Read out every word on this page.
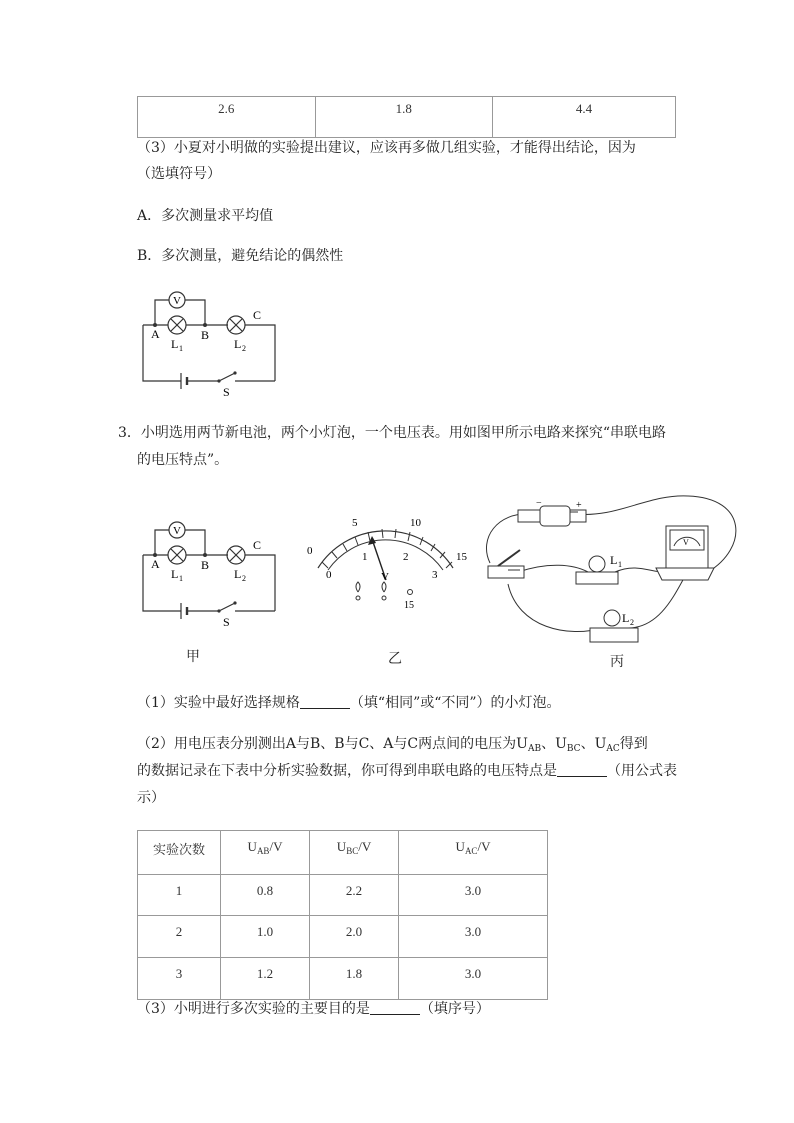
2.6	1.8	4.4
（3）小夏对小明做的实验提出建议，应该再多做几组实验，才能得出结论，因为
（选填符号）
A．多次测量求平均值
B．多次测量，避免结论的偶然性
V
A	B
C
L 1	L 2
S
3．小明选用两节新电池，两个小灯泡，一个电压表。用如图甲所示电路来探究“串联电路
的电压特点”。
V
A	B
C
L 1	L 2
S
甲
0
5	10
15
0
1	2
3
V
15
乙
−	+
V
L 1
L 2
丙
（1）实验中最好选择规格	（填“相同”或“不同”）的小灯泡。
（2）用电压表分别测出A与B、B与C、A与C两点间的电压为$U_{AB}$、$U_{BC}$、$U_{AC}$得到
的数据记录在下表中分析实验数据，你可得到串联电路的电压特点是	（用公式表
示）
实验次数	$U_{AB}/V$	$U_{BC}/V$	$U_{AC}/V$
1	0.8	2.2	3.0
2	1.0	2.0	3.0
3	1.2	1.8	3.0
（3）小明进行多次实验的主要目的是	（填序号）
